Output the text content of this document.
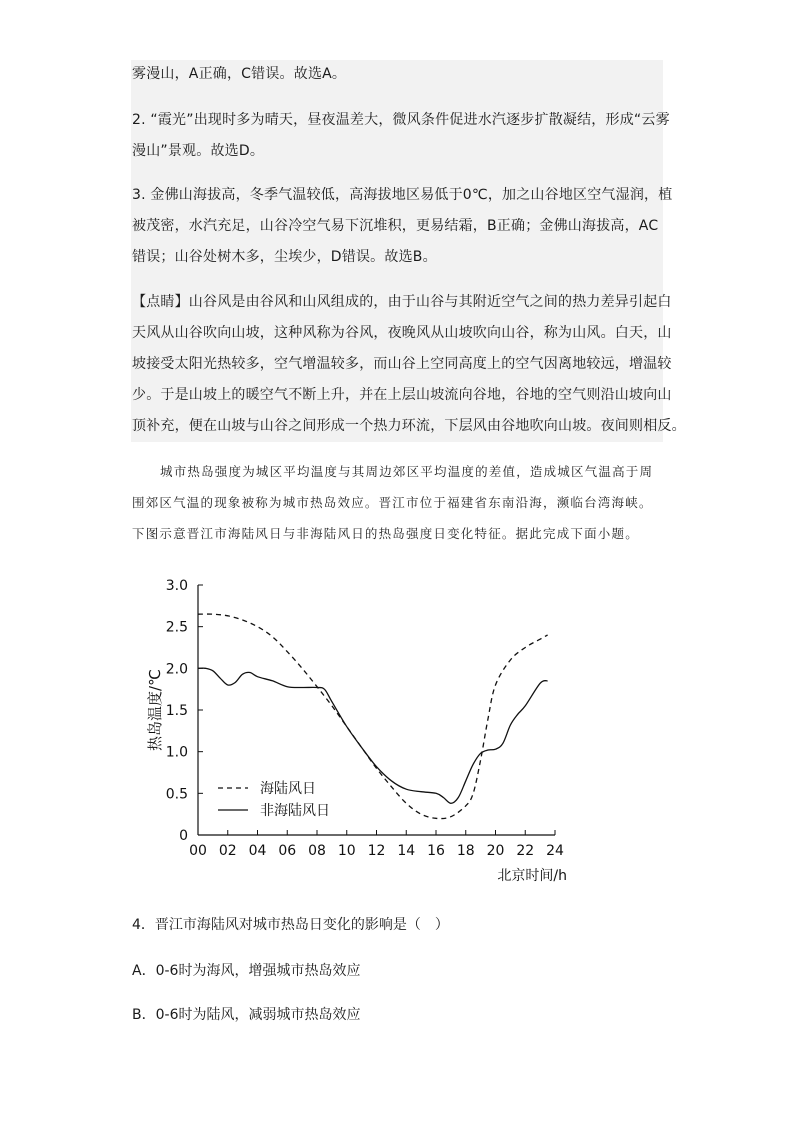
雾漫山，A正确，C错误。故选A。
2. “霞光”出现时多为晴天，昼夜温差大，微风条件促进水汽逐步扩散凝结，形成“云雾
漫山”景观。故选D。
3. 金佛山海拔高，冬季气温较低，高海拔地区易低于0℃，加之山谷地区空气湿润，植
被茂密，水汽充足，山谷冷空气易下沉堆积，更易结霜，B正确；金佛山海拔高，AC
错误；山谷处树木多，尘埃少，D错误。故选B。
【点睛】山谷风是由谷风和山风组成的，由于山谷与其附近空气之间的热力差异引起白
天风从山谷吹向山坡，这种风称为谷风，夜晚风从山坡吹向山谷，称为山风。白天，山
坡接受太阳光热较多，空气增温较多，而山谷上空同高度上的空气因离地较远，增温较
少。于是山坡上的暖空气不断上升，并在上层山坡流向谷地，谷地的空气则沿山坡向山
顶补充，便在山坡与山谷之间形成一个热力环流，下层风由谷地吹向山坡。夜间则相反。
城市热岛强度为城区平均温度与其周边郊区平均温度的差值，造成城区气温高于周
围郊区气温的现象被称为城市热岛效应。晋江市位于福建省东南沿海，濒临台湾海峡。
下图示意晋江市海陆风日与非海陆风日的热岛强度日变化特征。据此完成下面小题。
0
0.5
1.0
1.5
2.0
2.5
3.0
00 02 04 06 08 10 12 14 16 18 20 22 24
北京时间/h
热岛温度/℃
海陆风日
非海陆风日
4．晋江市海陆风对城市热岛日变化的影响是（　）
A．0-6时为海风，增强城市热岛效应
B．0-6时为陆风，减弱城市热岛效应
